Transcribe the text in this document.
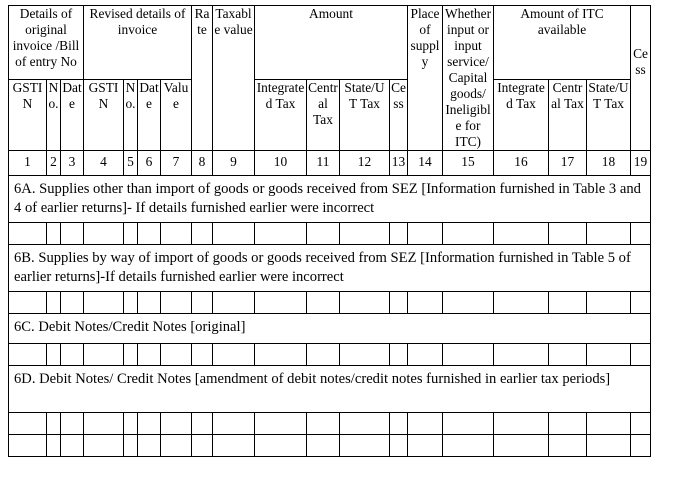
Details of original invoice /Bill of entry No			Revised details of invoice				Rate	Taxable value	Amount				Place of supply	Whether input or input service/ Capital goods/ Ineligible for ITC)	Amount of ITC available			Cess
GSTIN	No.	Date	GSTIN	No.	Date	Value			Integrated Tax	Central Tax	State/UT Tax	Cess			Integrated Tax	Central Tax	State/UT Tax	
1	2	3	4	5	6	7	8	9	10	11	12	13	14	15	16	17	18	19
6A. Supplies other than import of goods or goods received from SEZ [Information furnished in Table 3 and 4 of earlier returns]- If details furnished earlier were incorrect																		

6B. Supplies by way of import of goods or goods received from SEZ [Information furnished in Table 5 of earlier returns]-If details furnished earlier were incorrect																		

6C. Debit Notes/Credit Notes [original]																		

6D. Debit Notes/ Credit Notes [amendment of debit notes/credit notes furnished in earlier tax periods]																		
